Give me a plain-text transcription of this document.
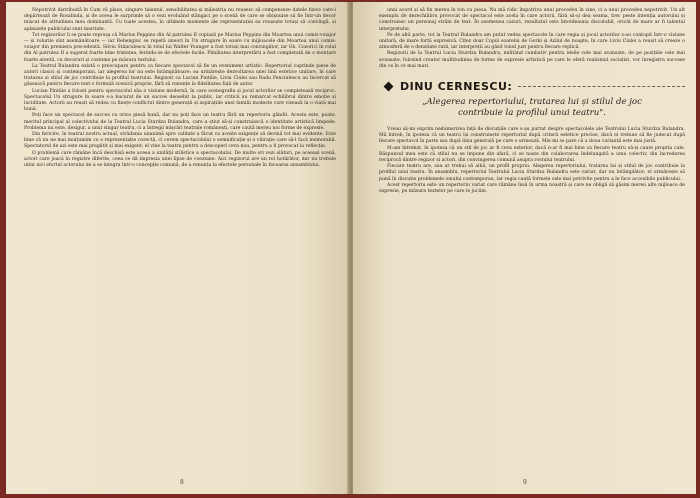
Nepotrivit distribuită în Cum vă place, singure talentul, sensibilitatea și măiestria nu reușesc să compenseze datele fizice care-i depărtează de Rosalinda, și de aceea le surprinde să o vezi evoluând stângaci pe o scenă de care se obișnuise să fie într-un decor mișcat de atitudinea mea dominantă. Cu toate acestea, în ultimele momente ale reprezentației ea reușește totuși să convingă, și aplauzele publicului sunt meritate.

Tot regizorilor li se poate reproșa că Marius Peppino din Al patrulea II copiază pe Marius Peppino din Moartea unui comis-voiajor — și rolurile sînt asemănătoare — iar Rebengiuc se repetă uneori în Un strugure în soare cu mijloacele din Moartea unui comis-voiajor din premiera precedentă. Silviu Stănculescu în rolul lui Walter Younger a fost totuși mai convingător, iar Gh. Cozorici în rolul din Al patrulea II a sugerat foarte bine tristețea, ferindu-se de efectele facile. Plinătatea interpretării a fost completată de o montare foarte atentă, cu decoruri și costume pe măsura textului.

La Teatrul Bulandra există o preocupare pentru ca fiecare spectacol să fie un eveniment artistic. Repertoriul cuprinde piese de autori clasici și contemporani, iar alegerea lor nu este întâmplătoare: ea urmărește dezvoltarea unei linii estetice unitare, în care tratarea și stilul de joc contribuie la profilul teatrului. Regizori ca Lucian Pintilie, Liviu Ciulei sau Radu Penciulescu au încercat să găsească pentru fiecare text o formulă scenică proprie, fără să renunțe la fidelitatea față de autor.

Lucian Pintilie a folosit pentru spectacolul său o viziune modernă, în care scenografia și jocul actorilor se completează reciproc. Spectacolul Un strugure în soare s-a bucurat de un succes deosebit la public, iar criticii au remarcat echilibrul dintre emoție și luciditate. Actorii au reușit să redea cu finețe conflictul dintre generații și aspirațiile unei familii modeste care visează la o viață mai bună.

Poți face un spectacol de succes cu orice piesă bună, dar nu poți face un teatru fără un repertoriu gândit. Acesta este, poate, meritul principal al colectivului de la Teatrul Lucia Sturdza Bulandra, care a știut să-și construiască o identitate artistică limpede. Problema nu este, desigur, a unui singur teatru, ci a întregii mișcări teatrale românești, care caută mereu noi forme de expresie.

Din fericire, în teatrul nostru actual, strădania unanimă spre calitate a făcut ca aceste exigențe să devină tot mai evidente. Este bine că nu ne mai mulțumim cu o reprezentație corectă, ci cerem spectacolului o semnificație și o vibrație care să-l facă memorabil. Spectatorul de azi este mai pregătit și mai exigent; el vine la teatru pentru a descoperi ceva nou, pentru a fi provocat la reflecție.

O problemă care rămâne încă deschisă este aceea a unității stilistice a spectacolului. De multe ori vezi alături, pe aceeași scenă, actori care joacă în registre diferite, ceea ce dă impresia unei lipse de coeziune. Aici regizorul are un rol hotărâtor, dar nu trebuie uitat nici efortul actorului de a se integra într-o concepție comună, de a renunța la efectele personale în favoarea ansamblului.

8

unui acord și să fiu mereu în ton cu piesa. Nu mă ridic împotriva unui procedeu în sine, ci a unui procedeu nepotrivit. Un alt exemplu de dezechilibru provocat de spectacol este acela în care actorii, fără să-și dea seama, trec peste intenția autorului și construiesc un personaj străin de text. În asemenea cazuri, rezultatul este întotdeauna discutabil, oricât de mare ar fi talentul interpretului.

Pe de altă parte, tot la Teatrul Bulandra am putut vedea spectacole în care regia și jocul actorilor s-au contopit într-o viziune unitară, de mare forță expresivă. Citez doar Copiii soarelui de Gorki și Azilul de noapte, în care Liviu Ciulei a reușit să creeze o atmosferă de o densitate rară, iar interpreții au găsit tonul just pentru fiecare replică.

Regizorii de la Teatrul Lucia Sturdza Bulandra, militând cumbativ pentru ideile cele mai avansate, de pe pozițiile cele mai avansate, folosind creator multitudinea de forme de expresie artistică pe care le oferă realismul socialist, vor înregistra succese din ce în ce mai mari.

DINU CERNESCU:
„Alegerea repertoriului, tratarea lui și stilul de joc contribuie la profilul unui teatru".

Vreau să-mi exprim nedumerirea față de discuțiile care s-au purtat despre spectacolele ale Teatrului Lucia Sturdza Bulandra. Mă întreb, în ipoteza că un teatru își construiește repertoriul după criterii estetice precise, dacă el trebuie să fie judecat după fiecare spectacol în parte sau după linia generală pe care o urmează. Mie mi se pare că a doua variantă este mai justă.

M-am întrebat, în ipoteza că un stil de joc ar fi ceva exterior, dacă n-ar fi mai bine ca fiecare teatru să-și caute propria cale. Răspunsul meu este că stilul nu se impune din afară, ci se naște din colaborarea îndelungată a unui colectiv, din încrederea reciprocă dintre regizor și actori, din convingerea comună asupra rostului teatrului.

Fiecare teatru are, sau ar trebui să aibă, un profil propriu. Alegerea repertoriului, tratarea lui și stilul de joc contribuie la profilul unui teatru. În ansamblu, repertoriul Teatrului Lucia Sturdza Bulandra este variat, dar nu întâmplător; el urmărește să pună în discuție problemele omului contemporan, iar regia caută formele cele mai potrivite pentru a le face accesibile publicului.

Acest repertoriu este un repertoriu variat care rămâne însă în urma noastră și care ne obligă să găsim mereu alte mijloace de expresie, pe măsura textelor pe care le jucăm.

9
